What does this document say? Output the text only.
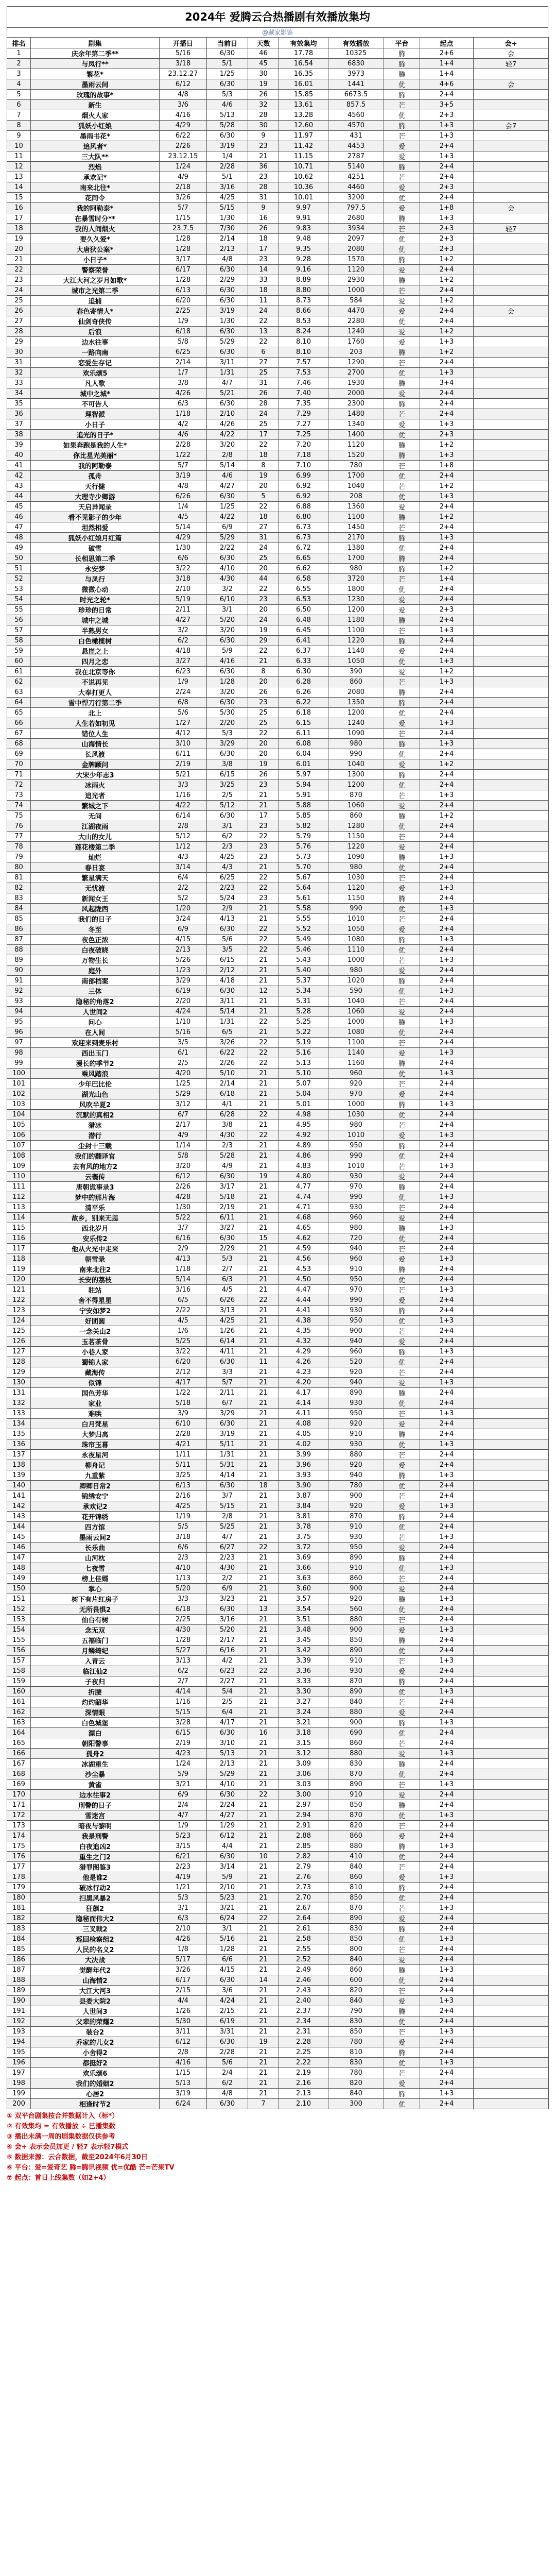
2024年 爱腾云合热播剧有效播放集均
@藏家影鉴
排名	剧集	开播日	当前日	天数	有效集均	有效播放	平台	起点	会+
1	庆余年第二季**	5/16	6/30	46	17.78	10325	腾	2+6	会
2	与凤行**	3/18	5/1	45	16.54	6830	腾	1+4	轻7
3	繁花*	23.12.27	1/25	30	16.35	3973	腾	1+4	
4	墨雨云间	6/12	6/30	19	16.01	1441	优	4+6	会
5	玫瑰的故事*	4/8	5/3	26	15.85	6673.5	腾	2+4	
6	新生	3/6	4/6	32	13.61	857.5	芒	3+5	
7	烟火人家	4/16	5/13	28	13.28	4560	优	2+3	
8	狐妖小红娘	4/29	5/28	30	12.60	4570	腾	1+3	会7
9	墨雨书花*	6/22	6/30	9	11.97	431	芒	1+3	
10	追风者*	2/26	3/19	23	11.42	4453	爱	2+4	
11	三大队**	23.12.15	1/4	21	11.15	2787	爱	1+3	
12	烈焰	1/24	2/28	36	10.71	5140	腾	2+4	
13	承欢记*	4/9	5/1	23	10.62	4251	芒	2+4	
14	南来北往*	2/18	3/16	28	10.36	4460	爱	2+3	
15	花间令	3/26	4/25	31	10.01	3200	优	2+4	
16	我的阿勒泰*	5/7	5/15	9	9.97	797.5	爱	1+8	会
17	在暴雪时分**	1/15	1/30	16	9.91	2680	腾	1+3	
18	我的人间烟火	23.7.5	7/30	26	9.83	3934	芒	2+3	轻7
19	要久久爱*	1/28	2/14	18	9.48	2097	优	2+3	
20	大唐狄公案*	1/28	2/13	17	9.35	2080	优	2+3	
21	小日子*	3/17	4/8	23	9.28	1570	腾	1+2	
22	警察荣誉	6/17	6/30	14	9.16	1120	爱	2+4	
23	大江大河之岁月如歌*	1/28	2/29	33	8.89	2930	腾	1+2	
24	城市之光第二季	6/13	6/30	18	8.80	1000	芒	2+4	
25	追捕	6/20	6/30	11	8.73	584	爱	1+2	
26	春色寄情人*	2/25	3/19	24	8.66	4470	爱	2+4	会
27	仙剑奇侠传	1/9	1/30	22	8.53	2280	优	2+4	
28	后浪	6/18	6/30	13	8.24	1240	爱	1+2	
29	边水往事	5/8	5/29	22	8.10	1760	爱	1+3	
30	一路向南	6/25	6/30	6	8.10	203	腾	1+2	
31	恋爱生存记	2/14	3/11	27	7.57	1290	芒	2+4	
32	欢乐颂5	1/7	1/31	25	7.53	2700	优	1+3	
33	凡人歌	3/8	4/7	31	7.46	1930	腾	3+4	
34	城中之城*	4/26	5/21	26	7.40	2000	爱	2+4	
35	不可告人	6/3	6/30	28	7.35	2300	腾	2+4	
36	理智派	1/18	2/10	24	7.29	1480	芒	2+4	
37	小日子	4/2	4/26	25	7.27	1340	爱	1+3	
38	追光的日子*	4/6	4/22	17	7.25	1400	优	2+3	
39	如果奔跑是我的人生*	2/28	3/20	22	7.20	1120	腾	1+2	
40	你比星光美丽*	1/22	2/8	18	7.18	1520	腾	1+3	
41	我的阿勒泰	5/7	5/14	8	7.10	780	芒	1+8	
42	孤舟	3/19	4/6	19	6.99	1700	优	2+4	
43	天行健	4/8	4/27	20	6.92	1040	芒	1+2	
44	大理寺少卿游	6/26	6/30	5	6.92	208	优	1+3	
45	天启异闻录	1/4	1/25	22	6.88	1360	爱	2+4	
46	看不见影子的少年	4/5	4/22	18	6.80	1100	腾	1+2	
47	坦然相爱	5/14	6/9	27	6.73	1450	芒	2+4	
48	狐妖小红娘月红篇	4/29	5/29	31	6.73	2170	腾	1+3	
49	破雪	1/30	2/22	24	6.72	1380	优	2+4	
50	长相思第二季	6/6	6/30	25	6.65	1700	腾	2+4	
51	永安梦	3/22	4/10	20	6.62	980	腾	1+2	
52	与凤行	3/18	4/30	44	6.58	3720	芒	1+4	
53	微微心动	2/10	3/2	22	6.55	1800	优	2+4	
54	时光之轮*	5/19	6/10	23	6.53	1230	爱	2+4	
55	珍珍的日常	2/11	3/1	20	6.50	1200	爱	2+3	
56	城中之城	4/27	5/20	24	6.48	1180	腾	2+4	
57	半熟男女	3/2	3/20	19	6.45	1100	芒	1+3	
58	白色橄榄树	6/2	6/30	29	6.41	1220	腾	2+4	
59	悬崖之上	4/18	5/9	22	6.37	1140	爱	2+4	
60	四月之恋	3/27	4/16	21	6.33	1050	优	1+3	
61	我在北京等你	6/23	6/30	8	6.30	390	爱	1+2	
62	不说再见	1/9	1/28	20	6.28	860	芒	1+3	
63	大奉打更人	2/24	3/20	26	6.26	2080	腾	2+4	
64	雪中悍刀行第二季	6/8	6/30	23	6.22	1350	腾	2+4	
65	北上	5/6	5/30	25	6.18	1200	优	2+4	
66	人生若如初见	1/27	2/20	25	6.15	1240	爱	1+3	
67	错位人生	4/12	5/3	22	6.11	1090	芒	2+4	
68	山海情长	3/10	3/29	20	6.08	980	腾	1+3	
69	长风渡	6/11	6/30	20	6.04	990	优	2+4	
70	金牌顾问	2/19	3/8	19	6.01	1040	爱	1+2	
71	大宋少年志3	5/21	6/15	26	5.97	1300	腾	2+4	
72	冰雨火	3/3	3/25	23	5.94	1200	优	2+4	
73	追光者	1/16	2/5	21	5.91	870	芒	1+3	
74	繁城之下	4/22	5/12	21	5.88	1060	爱	2+4	
75	无间	6/14	6/30	17	5.85	860	腾	1+2	
76	江湖夜雨	2/8	3/1	23	5.82	1280	优	2+4	
77	大山的女儿	5/12	6/2	22	5.79	1150	芒	2+4	
78	莲花楼第二季	1/12	2/3	23	5.76	1220	爱	2+4	
79	灿烂	4/3	4/25	23	5.73	1090	腾	1+3	
80	春日宴	3/14	4/3	21	5.70	980	优	2+4	
81	繁星满天	6/4	6/25	22	5.67	1030	芒	2+4	
82	无忧渡	2/2	2/23	22	5.64	1120	爱	1+3	
83	新闻女王	5/2	5/24	23	5.61	1150	腾	2+4	
84	风起陇西	1/20	2/9	21	5.58	990	优	1+3	
85	我们的日子	3/24	4/13	21	5.55	1010	芒	2+4	
86	冬至	6/9	6/30	22	5.52	1050	爱	2+4	
87	夜色正浓	4/15	5/6	22	5.49	1080	腾	1+3	
88	白夜破晓	2/13	3/5	22	5.46	1110	优	2+4	
89	万物生长	5/26	6/15	21	5.43	1000	芒	1+3	
90	庭外	1/23	2/12	21	5.40	980	爱	2+4	
91	南部档案	3/29	4/18	21	5.37	1020	腾	2+4	
92	三体	6/19	6/30	12	5.34	590	优	1+3	
93	隐秘的角落2	2/20	3/11	21	5.31	1040	芒	2+4	
94	人世间2	4/24	5/14	21	5.28	1060	爱	2+4	
95	问心	1/10	1/31	22	5.25	1000	腾	1+3	
96	在人间	5/16	6/5	21	5.22	1080	优	2+4	
97	欢迎来到麦乐村	3/5	3/26	22	5.19	1100	芒	2+4	
98	西出玉门	6/1	6/22	22	5.16	1140	爱	1+3	
99	漫长的季节2	2/5	2/26	22	5.13	1160	腾	2+4	
100	乘风踏浪	4/20	5/10	21	5.10	960	优	1+3	
101	少年巴比伦	1/25	2/14	21	5.07	920	芒	2+4	
102	湖光山色	5/29	6/18	21	5.04	970	爱	2+4	
103	风吹半夏2	3/12	4/1	21	5.01	1000	腾	1+3	
104	沉默的真相2	6/7	6/28	22	4.98	1030	优	2+4	
105	猎冰	2/17	3/8	21	4.95	980	芒	2+4	
106	潜行	4/9	4/30	22	4.92	1010	爱	1+3	
107	尘封十三载	1/14	2/3	21	4.89	950	腾	2+4	
108	我们的翻译官	5/8	5/28	21	4.86	990	优	2+4	
109	去有风的地方2	3/20	4/9	21	4.83	1010	芒	1+3	
110	云襄传	6/12	6/30	19	4.80	930	爱	2+4	
111	唐朝诡事录3	2/26	3/17	21	4.77	970	腾	2+4	
112	梦中的那片海	4/28	5/18	21	4.74	990	优	1+3	
113	清平乐	1/30	2/19	21	4.71	930	芒	2+4	
114	故乡，别来无恙	5/22	6/11	21	4.68	960	爱	2+4	
115	西北岁月	3/7	3/27	21	4.65	980	腾	1+3	
116	安乐传2	6/16	6/30	15	4.62	720	优	2+4	
117	他从火光中走来	2/9	2/29	21	4.59	940	芒	2+4	
118	朝雪录	4/13	5/3	21	4.56	960	爱	1+3	
119	南来北往2	1/18	2/7	21	4.53	910	腾	2+4	
120	长安的荔枝	5/14	6/3	21	4.50	950	优	2+4	
121	驻站	3/16	4/5	21	4.47	970	芒	1+3	
122	舍不得星星	6/5	6/26	22	4.44	990	爱	2+4	
123	宁安如梦2	2/22	3/13	21	4.41	930	腾	2+4	
124	好团圆	4/5	4/25	21	4.38	950	优	1+3	
125	一念关山2	1/6	1/26	21	4.35	900	芒	2+4	
126	玉茗茶骨	5/25	6/14	21	4.32	940	爱	2+4	
127	小巷人家	3/22	4/11	21	4.29	960	腾	1+3	
128	蜀锦人家	6/20	6/30	11	4.26	520	优	2+4	
129	藏海传	2/12	3/3	21	4.23	920	芒	2+4	
130	似锦	4/17	5/7	21	4.20	940	爱	1+3	
131	国色芳华	1/22	2/11	21	4.17	890	腾	2+4	
132	家业	5/18	6/7	21	4.14	930	优	2+4	
133	难哄	3/9	3/29	21	4.11	950	芒	1+3	
134	白月梵星	6/10	6/30	21	4.08	920	爱	2+4	
135	大梦归离	2/28	3/19	21	4.05	910	腾	2+4	
136	珠帘玉幕	4/21	5/11	21	4.02	930	优	1+3	
137	永夜星河	1/11	1/31	21	3.99	880	芒	2+4	
138	柳舟记	5/11	5/31	21	3.96	920	爱	2+4	
139	九重紫	3/25	4/14	21	3.93	940	腾	1+3	
140	卿卿日常2	6/13	6/30	18	3.90	780	优	2+4	
141	锦绣安宁	2/16	3/7	21	3.87	900	芒	2+4	
142	承欢记2	4/25	5/15	21	3.84	920	爱	1+3	
143	花开锦绣	1/19	2/8	21	3.81	870	腾	2+4	
144	四方馆	5/5	5/25	21	3.78	910	优	2+4	
145	墨雨云间2	3/18	4/7	21	3.75	930	芒	1+3	
146	长乐曲	6/6	6/27	22	3.72	950	爱	2+4	
147	山河枕	2/3	2/23	21	3.69	890	腾	2+4	
148	七夜雪	4/10	4/30	21	3.66	910	优	1+3	
149	榜上佳婿	1/13	2/2	21	3.63	860	芒	2+4	
150	掌心	5/20	6/9	21	3.60	900	爱	2+4	
151	树下有片红房子	3/3	3/23	21	3.57	920	腾	1+3	
152	无所畏惧2	6/18	6/30	13	3.54	560	优	2+4	
153	仙台有树	2/25	3/16	21	3.51	880	芒	2+4	
154	念无双	4/30	5/20	21	3.48	900	爱	1+3	
155	五福临门	1/28	2/17	21	3.45	850	腾	2+4	
156	月鳞绮纪	5/27	6/16	21	3.42	890	优	2+4	
157	入青云	3/13	4/2	21	3.39	910	芒	1+3	
158	临江仙2	6/2	6/23	22	3.36	930	爱	2+4	
159	子夜归	2/7	2/27	21	3.33	870	腾	2+4	
160	折腰	4/14	5/4	21	3.30	890	优	1+3	
161	灼灼韶华	1/16	2/5	21	3.27	840	芒	2+4	
162	深情眼	5/15	6/4	21	3.24	880	爱	2+4	
163	白色城堡	3/28	4/17	21	3.21	900	腾	1+3	
164	漂白	6/15	6/30	16	3.18	690	优	2+4	
165	朝阳警事	2/19	3/10	21	3.15	860	芒	2+4	
166	孤舟2	4/23	5/13	21	3.12	880	爱	1+3	
167	冰湖重生	1/24	2/13	21	3.09	830	腾	2+4	
168	沙尘暴	5/9	5/29	21	3.06	870	优	2+4	
169	黄雀	3/21	4/10	21	3.03	890	芒	1+3	
170	边水往事2	6/9	6/30	22	3.00	910	爱	2+4	
171	刑警的日子	2/4	2/24	21	2.97	850	腾	2+4	
172	雪迷宫	4/7	4/27	21	2.94	870	优	1+3	
173	暗夜与黎明	1/9	1/29	21	2.91	820	芒	2+4	
174	我是刑警	5/23	6/12	21	2.88	860	爱	2+4	
175	白夜追凶2	3/15	4/4	21	2.85	880	腾	1+3	
176	重生之门2	6/21	6/30	10	2.82	410	优	2+4	
177	猎罪图鉴3	2/23	3/14	21	2.79	840	芒	2+4	
178	他是谁2	4/19	5/9	21	2.76	860	爱	1+3	
179	破冰行动2	1/21	2/10	21	2.73	810	腾	2+4	
180	扫黑风暴2	5/3	5/23	21	2.70	850	优	2+4	
181	狂飙2	3/1	3/21	21	2.67	870	芒	1+3	
182	隐秘而伟大2	6/3	6/24	22	2.64	890	爱	2+4	
183	三叉戟2	2/10	3/1	21	2.61	830	腾	2+4	
184	巡回检察组2	4/26	5/16	21	2.58	850	优	1+3	
185	人民的名义2	1/8	1/28	21	2.55	800	芒	2+4	
186	大决战	5/17	6/6	21	2.52	840	爱	2+4	
187	觉醒年代2	3/26	4/15	21	2.49	860	腾	1+3	
188	山海情2	6/17	6/30	14	2.46	600	优	2+4	
189	大江大河3	2/15	3/6	21	2.43	820	芒	2+4	
190	县委大院2	4/4	4/24	21	2.40	840	爱	1+3	
191	人世间3	1/26	2/15	21	2.37	790	腾	2+4	
192	父辈的荣耀2	5/30	6/19	21	2.34	830	优	2+4	
193	装台2	3/11	3/31	21	2.31	850	芒	1+3	
194	乔家的儿女2	6/12	6/30	19	2.28	780	爱	2+4	
195	小舍得2	2/8	2/28	21	2.25	810	腾	2+4	
196	都挺好2	4/16	5/6	21	2.22	830	优	1+3	
197	欢乐颂6	1/15	2/4	21	2.19	780	芒	2+4	
198	我们的婚姻2	5/13	6/2	21	2.16	820	爱	2+4	
199	心居2	3/19	4/8	21	2.13	840	腾	1+3	
200	相逢时节2	6/24	6/30	7	2.10	300	优	2+4	
① 双平台剧集按合并数据计入（标*）
② 有效集均 = 有效播放 ÷ 已播集数
③ 播出未满一周的剧集数据仅供参考
④ 会+ 表示会员加更 / 轻7 表示轻7模式
⑤ 数据来源：云合数据，截至2024年6月30日
⑥ 平台：爱=爱奇艺 腾=腾讯视频 优=优酷 芒=芒果TV
⑦ 起点：首日上线集数（如2+4）
